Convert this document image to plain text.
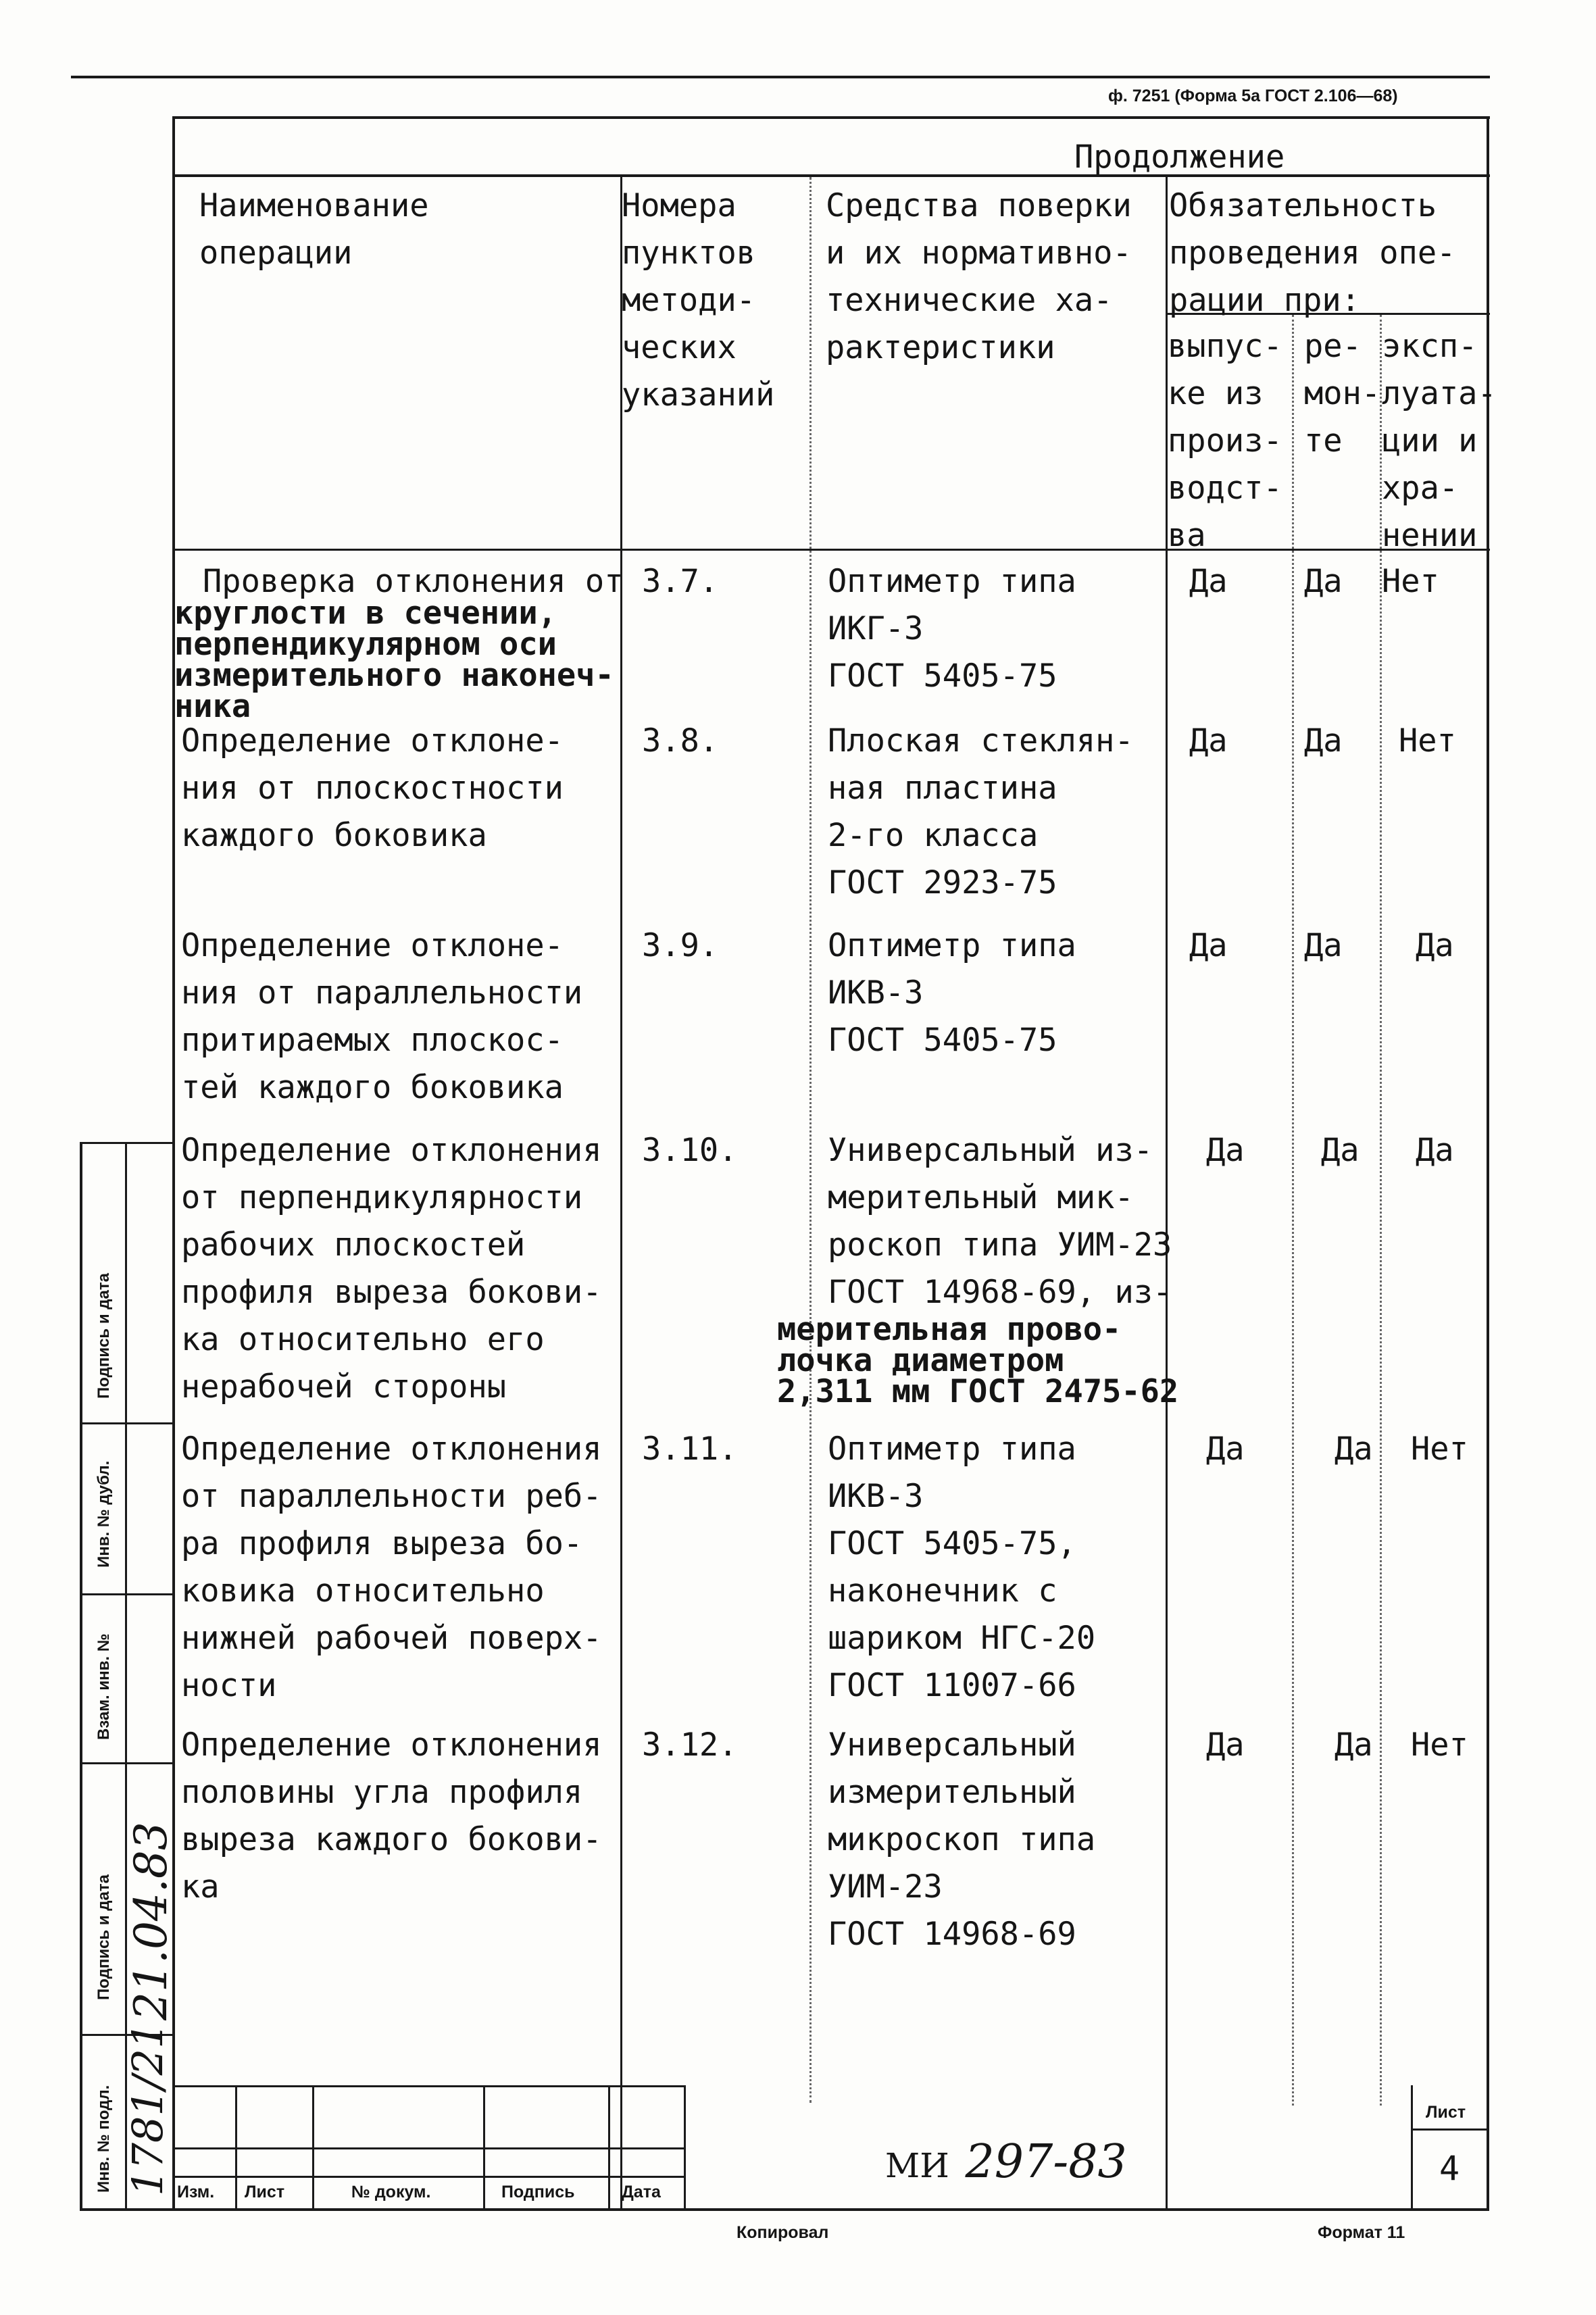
ф. 7251 (Форма 5а ГОСТ 2.106—68)
Подпись и дата
Инв. № дубл.
Взам. инв. №
Подпись и дата
Инв. № подл.
21.04.83
1781/21
Продолжение
Наименование
операции
Номера
пунктов
методи-
ческих
указаний
Средства поверки
и их нормативно-
технические ха-
рактеристики
Обязательность
проведения опе-
рации при:
выпус-
ке из
произ-
водст-
ва
ре-
мон-
те
эксп-
луата-
ции и
хра-
нении
Проверка отклонения от
круглости в сечении,
перпендикулярном оси
измерительного наконеч-
ника
3.7.	Оптиметр типа
ИКГ-3
ГОСТ 5405-75
Да Да Нет
Определение отклоне-
ния от плоскостности
каждого боковика
3.8.	Плоская стеклян-
ная пластина
2-го класса
ГОСТ 2923-75
Да Да Нет
Определение отклоне-
ния от параллельности
притираемых плоскос-
тей каждого боковика
3.9.	Оптиметр типа
ИКВ-3
ГОСТ 5405-75
Да Да Да
Определение отклонения
от перпендикулярности
рабочих плоскостей
профиля выреза бокови-
ка относительно его
нерабочей стороны
3.10.	Универсальный из-
мерительный мик-
роскоп типа УИМ-23
ГОСТ 14968-69, из-
мерительная прово-
лочка диаметром
2,311 мм ГОСТ 2475-62
Да Да Да
Определение отклонения
от параллельности реб-
ра профиля выреза бо-
ковика относительно
нижней рабочей поверх-
ности
3.11.	Оптиметр типа
ИКВ-3
ГОСТ 5405-75,
наконечник с
шариком НГС-20
ГОСТ 11007-66
Да	Да Нет
Определение отклонения
половины угла профиля
выреза каждого бокови-
ка
3.12.	Универсальный
измерительный
микроскоп типа
УИМ-23
ГОСТ 14968-69
Да	Да Нет
Изм. Лист	№ докум.	Подпись	Дата
МИ 297-83
Лист
4
Копировал	Формат 11
